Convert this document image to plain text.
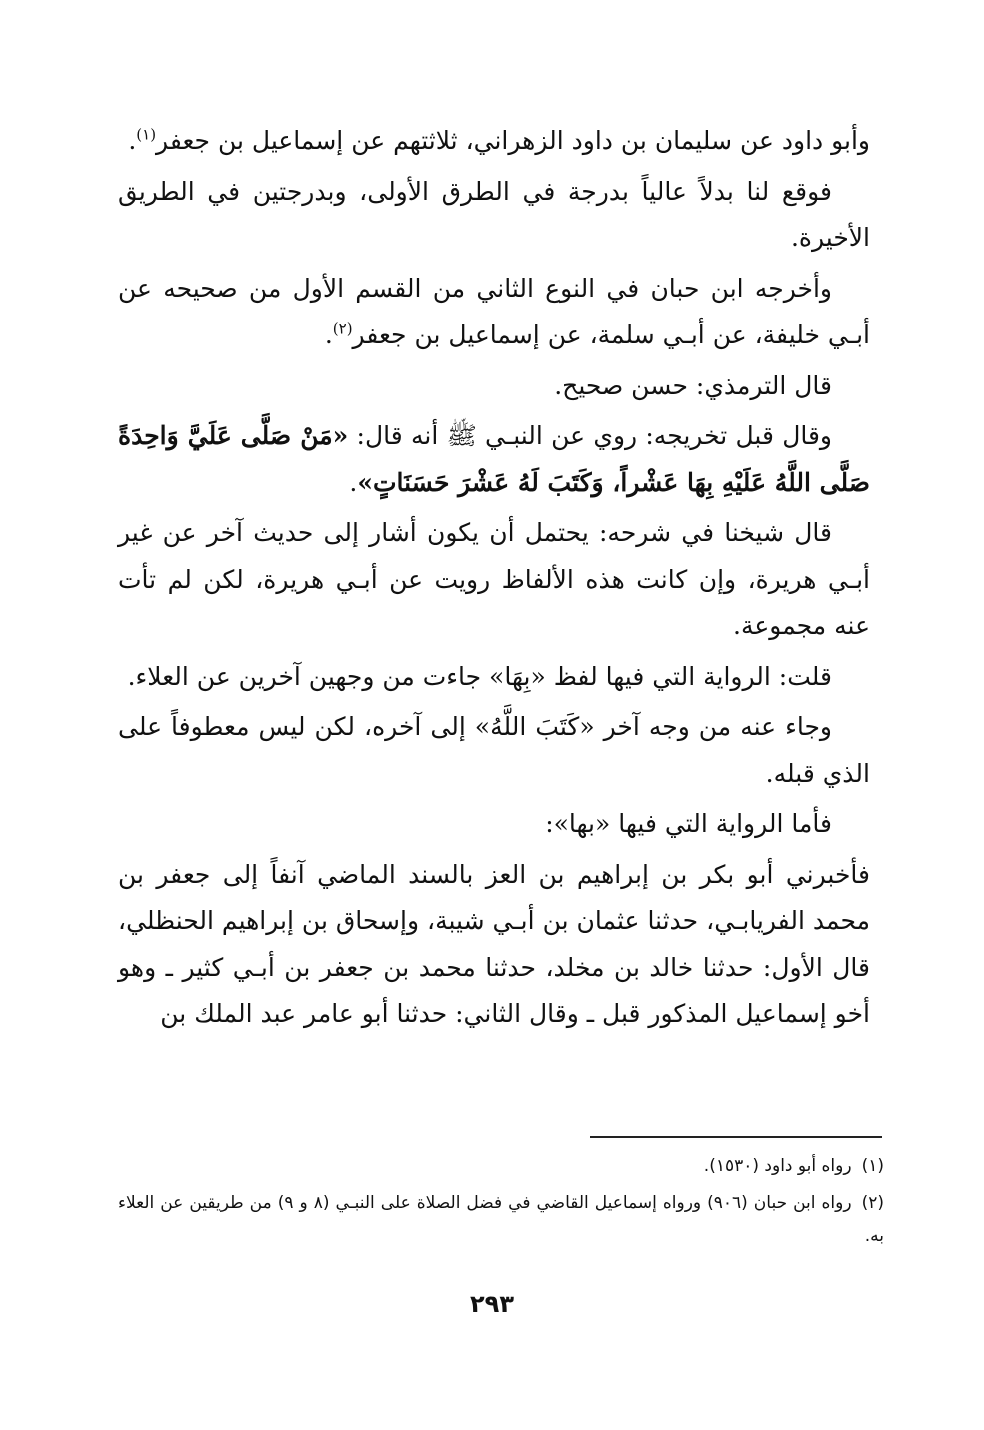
وأبو داود عن سليمان بن داود الزهراني، ثلاثتهم عن إسماعيل بن جعفر$^{(١)}$.

فوقع لنا بدلاً عالياً بدرجة في الطرق الأولى، وبدرجتين في الطريق الأخيرة.

وأخرجه ابن حبان في النوع الثاني من القسم الأول من صحيحه عن أبـي خليفة، عن أبـي سلمة، عن إسماعيل بن جعفر$^{(٢)}$.

قال الترمذي: حسن صحيح.

وقال قبل تخريجه: روي عن النبـي ﷺ أنه قال: «مَنْ صَلَّى عَلَيَّ وَاحِدَةً صَلَّى اللَّهُ عَلَيْهِ بِهَا عَشْراً، وَكَتَبَ لَهُ عَشْرَ حَسَنَاتٍ».

قال شيخنا في شرحه: يحتمل أن يكون أشار إلى حديث آخر عن غير أبـي هريرة، وإن كانت هذه الألفاظ رويت عن أبـي هريرة، لكن لم تأت عنه مجموعة.

قلت: الرواية التي فيها لفظ «بِهَا» جاءت من وجهين آخرين عن العلاء.

وجاء عنه من وجه آخر «كَتَبَ اللَّهُ» إلى آخره، لكن ليس معطوفاً على الذي قبله.

فأما الرواية التي فيها «بها»:

فأخبرني أبو بكر بن إبراهيم بن العز بالسند الماضي آنفاً إلى جعفر بن محمد الفريابـي، حدثنا عثمان بن أبـي شيبة، وإسحاق بن إبراهيم الحنظلي، قال الأول: حدثنا خالد بن مخلد، حدثنا محمد بن جعفر بن أبـي كثير ـ وهو أخو إسماعيل المذكور قبل ـ وقال الثاني: حدثنا أبو عامر عبد الملك بن

(١)رواه أبو داود (١٥٣٠).

(٢)رواه ابن حبان (٩٠٦) ورواه إسماعيل القاضي في فضل الصلاة على النبـي (٨ و ٩) من طريقين عن العلاء به.

٢٩٣
